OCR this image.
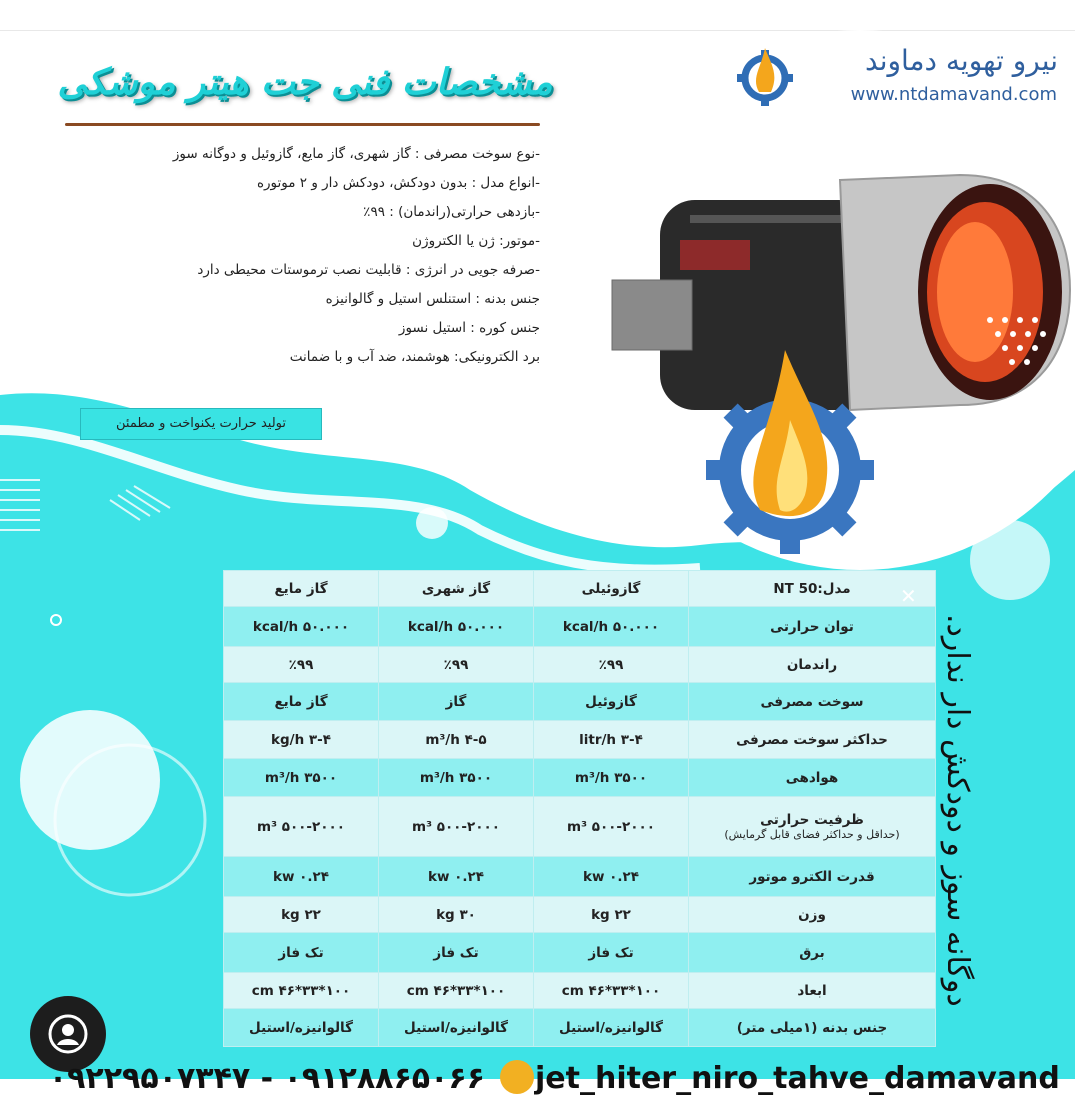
مشخصات فنی جت هیتر موشکی
نیرو تهویه دماوند
www.ntdamavand.com
-نوع سوخت مصرفی : گاز شهری، گاز مایع، گازوئیل و دوگانه سوز
-انواع مدل : بدون دودکش، دودکش دار و ۲ موتوره
-بازدهی حرارتی(راندمان) : ۹۹٪
-موتور: ژن یا الکتروژن
-صرفه جویی در انرژی : قابلیت نصب ترموستات محیطی دارد
جنس بدنه : استنلس استیل و گالوانیزه
جنس کوره : استیل نسوز
برد الکترونیکی: هوشمند، ضد آب و با ضمانت
تولید حرارت یکنواخت و مطمئن
مدل:NT 50	گازوئیلی	گاز شهری	گاز مایع
توان حرارتی	۵۰.۰۰۰ kcal/h	۵۰.۰۰۰ kcal/h	۵۰.۰۰۰ kcal/h
راندمان	٪۹۹	٪۹۹	٪۹۹
سوخت مصرفی	گازوئیل	گاز	گاز مایع
حداکثر سوخت مصرفی	۳-۴ litr/h	۴-۵ m³/h	۳-۴ kg/h
هوادهی	۳۵۰۰ m³/h	۳۵۰۰ m³/h	۳۵۰۰ m³/h
ظرفیت حرارتی
(حداقل و حداکثر فضای قابل گرمایش)	۵۰۰-۲۰۰۰ m³	۵۰۰-۲۰۰۰ m³	۵۰۰-۲۰۰۰ m³
قدرت الکترو موتور	۰.۲۴ kw	۰.۲۴ kw	۰.۲۴ kw
وزن	۲۲ kg	۳۰ kg	۲۲ kg
برق	تک فاز	تک فاز	تک فاز
ابعاد	۱۰۰*۳۳*۴۶ cm	۱۰۰*۳۳*۴۶ cm	۱۰۰*۳۳*۴۶ cm
جنس بدنه (۱میلی متر)	گالوانیزه/استیل	گالوانیزه/استیل	گالوانیزه/استیل
✕
دوگانه سوز و دودکش دار ندارد.
۰۹۱۲۸۸۶۵۰۶۶ - ۰۹۲۲۹۵۰۷۳۴۷ jet_hiter_niro_tahve_damavand
